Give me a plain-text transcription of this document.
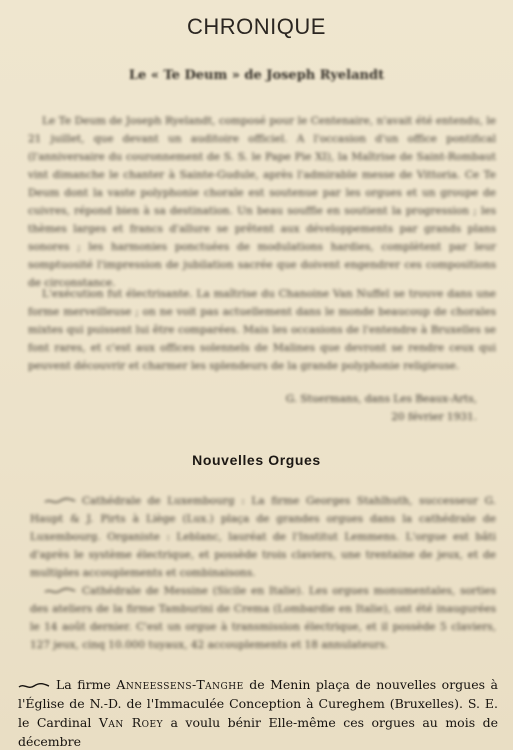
CHRONIQUE
Le « Te Deum » de Joseph Ryelandt

Le Te Deum de Joseph Ryelandt, composé pour le Centenaire, n'avait été entendu, le 21 juillet, que devant un auditoire officiel. A l'occasion d'un office pontifical (l'anniversaire du couronnement de S. S. le Pape Pie XI), la Maîtrise de Saint-Rombaut vint dimanche le chanter à Sainte-Gudule, après l'admirable messe de Vittoria. Ce Te Deum dont la vaste polyphonie chorale est soutenue par les orgues et un groupe de cuivres, répond bien à sa destination. Un beau souffle en soutient la progression ; les thèmes larges et francs d'allure se prêtent aux développements par grands plans sonores ; les harmonies ponctuées de modulations hardies, complètent par leur somptuosité l'impression de jubilation sacrée que doivent engendrer ces compositions de circonstance.

L'exécution fut électrisante. La maîtrise du Chanoine Van Nuffel se trouve dans une forme merveilleuse ; on ne voit pas actuellement dans le monde beaucoup de chorales mixtes qui puissent lui être comparées. Mais les occasions de l'entendre à Bruxelles se font rares, et c'est aux offices solennels de Malines que devront se rendre ceux qui peuvent découvrir et charmer les splendeurs de la grande polyphonie religieuse.

G. Stuermans, dans Les Beaux-Arts,
20 février 1931.
Nouvelles Orgues

Cathédrale de Luxembourg : La firme Georges Stahlhuth, successeur G. Haupt & J. Pirts à Liège (Lux.) plaça de grandes orgues dans la cathédrale de Luxembourg. Organiste : Leblanc, lauréat de l'Institut Lemmens. L'orgue est bâti d'après le système électrique, et possède trois claviers, une trentaine de jeux, et de multiples accouplements et combinaisons.

Cathédrale de Messine (Sicile en Italie). Les orgues monumentales, sorties des ateliers de la firme Tamburini de Crema (Lombardie en Italie), ont été inaugurées le 14 août dernier. C'est un orgue à transmission électrique, et il possède 5 claviers, 127 jeux, cinq 10.000 tuyaux, 42 accouplements et 18 annulateurs.

La firme Anneessens-Tanghe de Menin plaça de nouvelles orgues à l'Église de N.-D. de l'Immaculée Conception à Cureghem (Bruxelles). S. E. le Cardinal Van Roey a voulu bénir Elle-même ces orgues au mois de décembre
